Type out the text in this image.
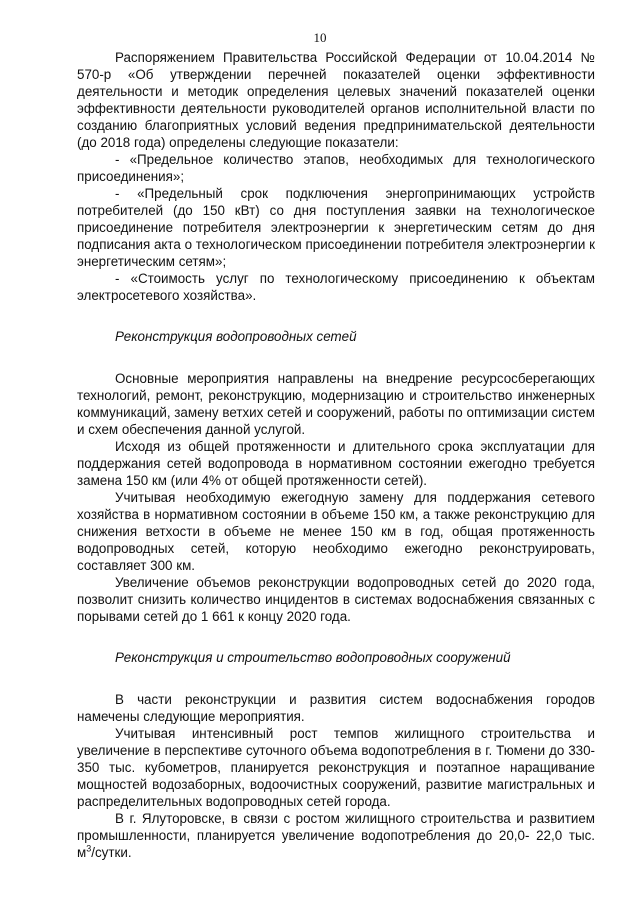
10

Распоряжением Правительства Российской Федерации от 10.04.2014 № 570-р «Об утверждении перечней показателей оценки эффективности деятельности и методик определения целевых значений показателей оценки эффективности деятельности руководителей органов исполнительной власти по созданию благоприятных условий ведения предпринимательской деятельности (до 2018 года) определены следующие показатели:

- «Предельное количество этапов, необходимых для технологического присоединения»;

- «Предельный срок подключения энергопринимающих устройств потребителей (до 150 кВт) со дня поступления заявки на технологическое присоединение потребителя электроэнергии к энергетическим сетям до дня подписания акта о технологическом присоединении потребителя электроэнергии к энергетическим сетям»;

- «Стоимость услуг по технологическому присоединению к объектам электросетевого хозяйства».

Реконструкция водопроводных сетей

Основные мероприятия направлены на внедрение ресурсосберегающих технологий, ремонт, реконструкцию, модернизацию и строительство инженерных коммуникаций, замену ветхих сетей и сооружений, работы по оптимизации систем и схем обеспечения данной услугой.

Исходя из общей протяженности и длительного срока эксплуатации для поддержания сетей водопровода в нормативном состоянии ежегодно требуется замена 150 км (или 4% от общей протяженности сетей).

Учитывая необходимую ежегодную замену для поддержания сетевого хозяйства в нормативном состоянии в объеме 150 км, а также реконструкцию для снижения ветхости в объеме не менее 150 км в год, общая протяженность водопроводных сетей, которую необходимо ежегодно реконструировать, составляет 300 км.

Увеличение объемов реконструкции водопроводных сетей до 2020 года, позволит снизить количество инцидентов в системах водоснабжения связанных с порывами сетей до 1 661 к концу 2020 года.

Реконструкция и строительство водопроводных сооружений

В части реконструкции и развития систем водоснабжения городов намечены следующие мероприятия.

Учитывая интенсивный рост темпов жилищного строительства и увеличение в перспективе суточного объема водопотребления в г. Тюмени до 330-350 тыс. кубометров, планируется реконструкция и поэтапное наращивание мощностей водозаборных, водоочистных сооружений, развитие магистральных и распределительных водопроводных сетей города.

В г. Ялуторовске, в связи с ростом жилищного строительства и развитием промышленности, планируется увеличение водопотребления до 20,0- 22,0 тыс. $м^3$/сутки.
